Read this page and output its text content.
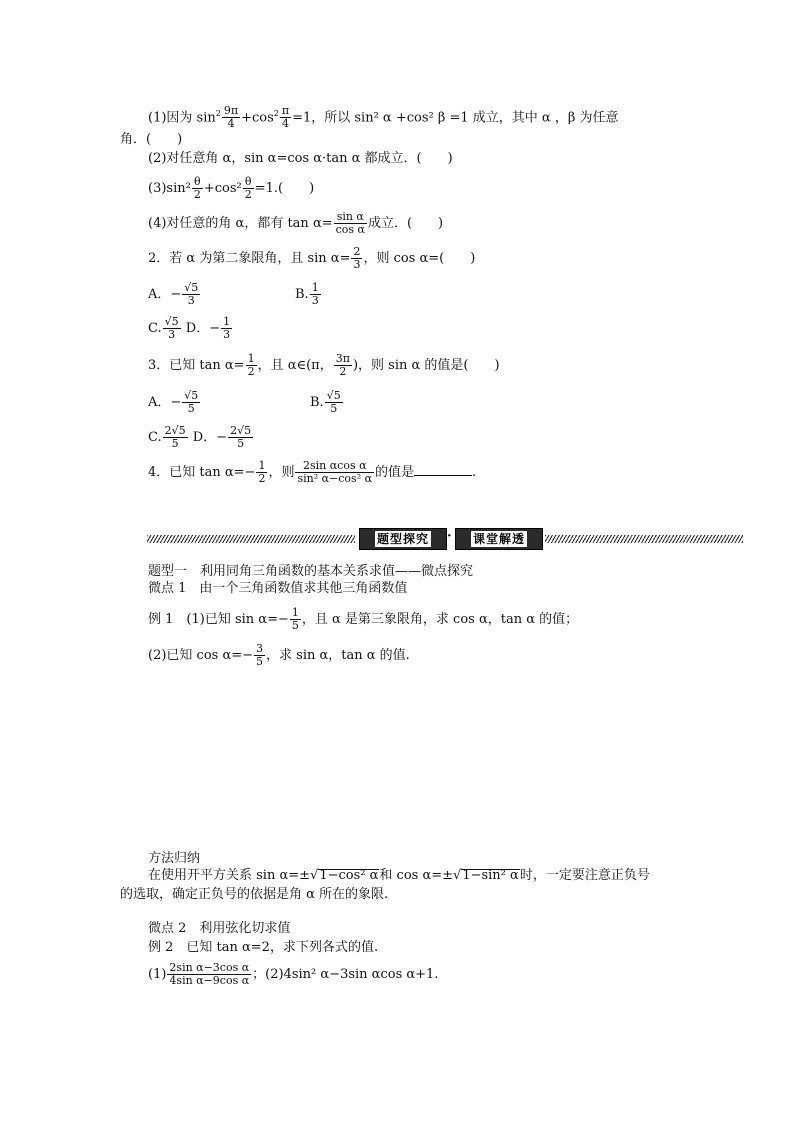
(1)因为 $\sin^2 \frac{9\pi}{4} +\cos^2 \frac{\pi}{4} =1$，所以 sin² α +cos² β =1 成立，其中 α ，β 为任意
角．(　　)
(2)对任意角 α，sin α=cos α·tan α 都成立．(　　)
$(3)\sin^2 \frac{\theta}{2} +\cos^2 \frac{\theta}{2} =1$.(　　)
(4)对任意的角 α，都有 $\tan \alpha= \frac{\text{sin α}}{\text{cos α}}$ 成立．(　　)
2．若 α 为第二象限角，且 $\sin \alpha= \frac{2}{3}$ ，则 cos α=(　　)
A．− $\frac{√5}{3}$	B. $\frac{1}{3}$
C. $\frac{√5}{3}$ D．− $\frac{1}{3}$
3．已知 $\tan \alpha= \frac{1}{2}$ ，且 α∈(π， $\frac{3\pi}{2}$ )，则 sin α 的值是(　　)
A．− $\frac{√5}{5}$	B. $\frac{√5}{5}$
C. $\frac{2√5}{5}$ D．− $\frac{2√5}{5}$
4．已知 $\tan \alpha=- \frac{1}{2}$ ，则 $\frac{\text{2sin αcos α}}{\text{sin² α−cos² α}}$ 的值是	.
题型探究	·	课堂解透
题型一　利用同角三角函数的基本关系求值——微点探究
微点 1　由一个三角函数值求其他三角函数值
例 1　(1)已知 $\sin \alpha=- \frac{1}{5}$ ，且 α 是第三象限角，求 cos α，tan α 的值；
(2)已知 $\cos \alpha=- \frac{3}{5}$ ，求 sin α，tan α 的值.
方法归纳
在使用开平方关系 sin α=±√1−cos² α和 cos α=±√1−sin² α时，一定要注意正负号
的选取，确定正负号的依据是角 α 所在的象限.
微点 2　利用弦化切求值
例 2　已知 tan α=2，求下列各式的值.
$(1) \frac{\text{2sin α−3cos α}}{\text{4sin α−9cos α}}$ ；(2)4sin² α−3sin αcos α+1.
